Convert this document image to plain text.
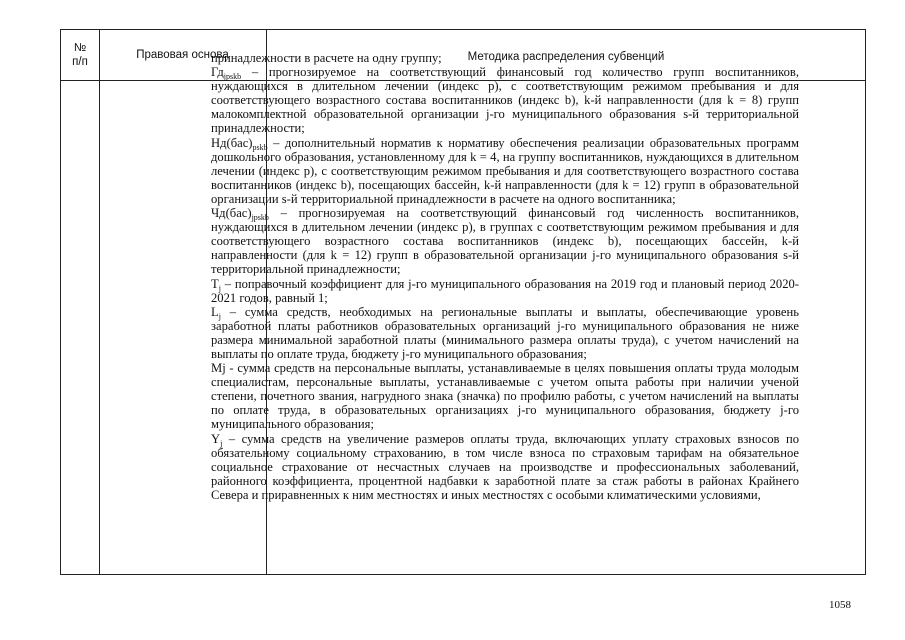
№
п/п
Правовая основа	Методика распределения субвенций

принадлежности в расчете на одну группу;

$Гд_{jpskb}$ – прогнозируемое на соответствующий финансовый год количество групп воспитанников, нуждающихся в длительном лечении (индекс p), с соответствующим режимом пребывания и для соответствующего возрастного состава воспитанников (индекс b), k-й направленности (для k = 8) групп малокомплектной образовательной организации j-го муниципального образования s-й территориальной принадлежности;

$Нд(бас)_{pskb}$ – дополнительный норматив к нормативу обеспечения реализации образовательных программ дошкольного образования, установленному для k = 4, на группу воспитанников, нуждающихся в длительном лечении (индекс p), с соответствующим режимом пребывания и для соответствующего возрастного состава воспитанников (индекс b), посещающих бассейн, k-й направленности (для k = 12) групп в образовательной организации s-й территориальной принадлежности в расчете на одного воспитанника;

$Чд(бас)_{jpskb}$ – прогнозируемая на соответствующий финансовый год численность воспитанников, нуждающихся в длительном лечении (индекс p), в группах с соответствующим режимом пребывания и для соответствующего возрастного состава воспитанников (индекс b), посещающих бассейн, k-й направленности (для k = 12) групп в образовательной организации j-го муниципального образования s-й территориальной принадлежности;

$T_j$ – поправочный коэффициент для j-го муниципального образования на 2019 год и плановый период 2020-2021 годов, равный 1;

$L_j$ – сумма средств, необходимых на региональные выплаты и выплаты, обеспечивающие уровень заработной платы работников образовательных организаций j-го муниципального образования не ниже размера минимальной заработной платы (минимального размера оплаты труда), с учетом начислений на выплаты по оплате труда, бюджету j-го муниципального образования;

Mj - сумма средств на персональные выплаты, устанавливаемые в целях повышения оплаты труда молодым специалистам, персональные выплаты, устанавливаемые с учетом опыта работы при наличии ученой степени, почетного звания, нагрудного знака (значка) по профилю работы, с учетом начислений на выплаты по оплате труда, в образовательных организациях j-го муниципального образования, бюджету j-го муниципального образования;

$Y_j$ – сумма средств на увеличение размеров оплаты труда, включающих уплату страховых взносов по обязательному социальному страхованию, в том числе взноса по страховым тарифам на обязательное социальное страхование от несчастных случаев на производстве и профессиональных заболеваний, районного коэффициента, процентной надбавки к заработной плате за стаж работы в районах Крайнего Севера и приравненных к ним местностях и иных местностях с особыми климатическими условиями,

1058
